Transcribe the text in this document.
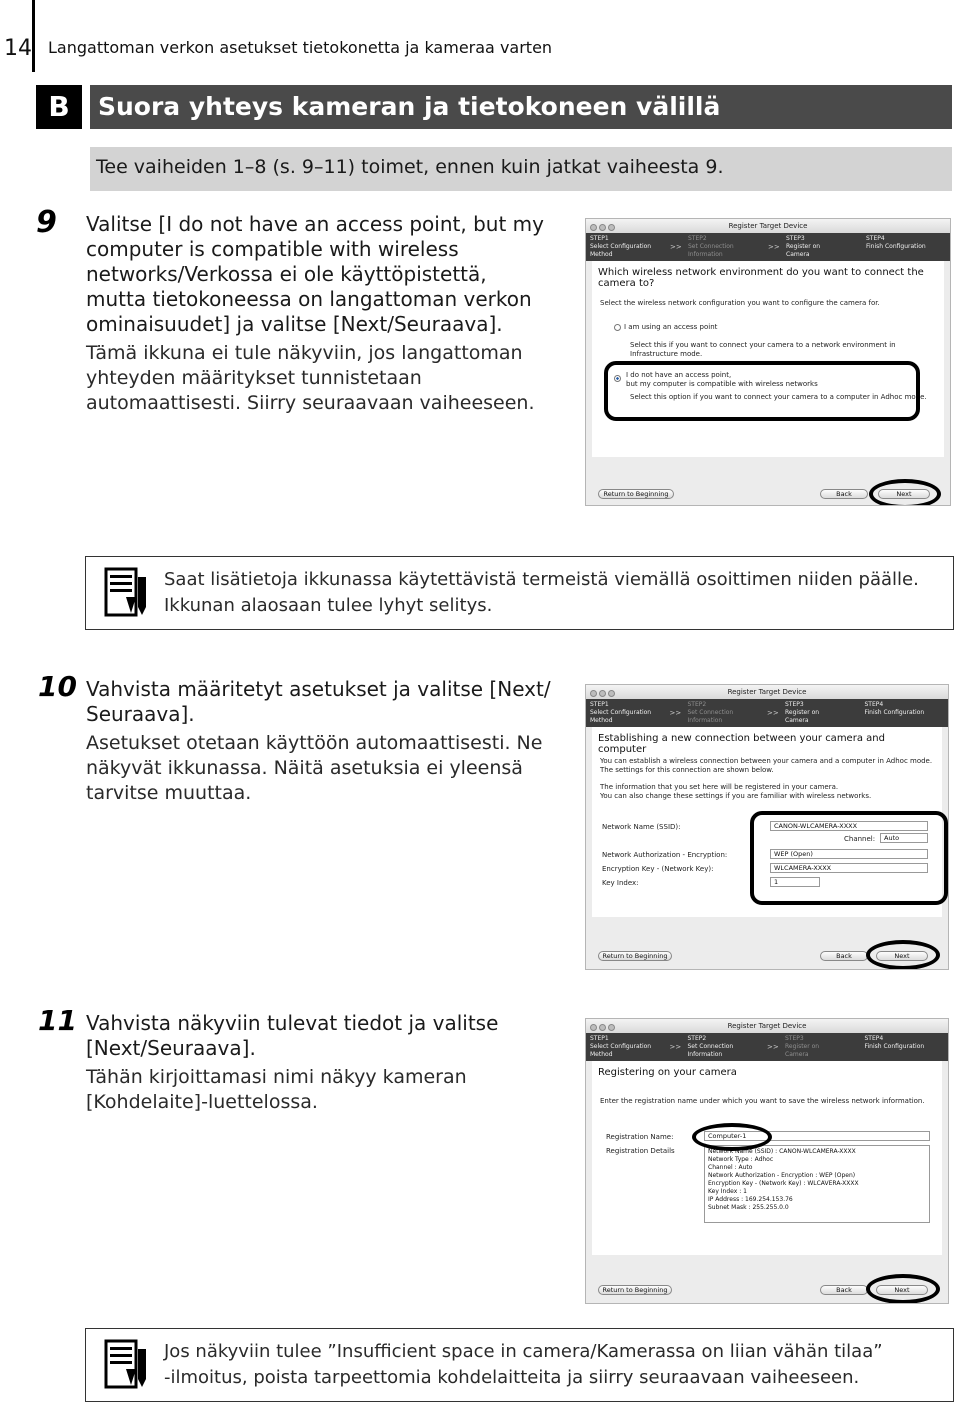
14 Langattoman verkon asetukset tietokonetta ja kameraa varten
B	Suora yhteys kameran ja tietokoneen välillä
Tee vaiheiden 1–8 (s. 9–11) toimet, ennen kuin jatkat vaiheesta 9.
9 Valitse [I do not have an access point, but my
computer is compatible with wireless
networks/Verkossa ei ole käyttöpistettä,
mutta tietokoneessa on langattoman verkon
ominaisuudet] ja valitse [Next/Seuraava].
Tämä ikkuna ei tule näkyviin, jos langattoman
yhteyden määritykset tunnistetaan
automaattisesti. Siirry seuraavaan vaiheeseen.
Register Target Device
STEP1
Select Configuration
Method
>>
STEP2
Set Connection
Information
>>
STEP3
Register on
Camera
STEP4
Finish Configuration
Which wireless network environment do you want to connect the camera to?
Select the wireless network configuration you want to configure the camera for.
I am using an access point
Select this if you want to connect your camera to a network environment in Infrastructure mode.
I do not have an access point,
but my computer is compatible with wireless networks
Select this option if you want to connect your camera to a computer in Adhoc mode.
Return to Beginning	Back	Next
Saat lisätietoja ikkunassa käytettävistä termeistä viemällä osoittimen niiden päälle.
Ikkunan alaosaan tulee lyhyt selitys.
10 Vahvista määritetyt asetukset ja valitse [Next/
Seuraava].
Asetukset otetaan käyttöön automaattisesti. Ne
näkyvät ikkunassa. Näitä asetuksia ei yleensä
tarvitse muuttaa.
Register Target Device
STEP1
Select Configuration
Method
>>
STEP2
Set Connection
Information
>>
STEP3
Register on
Camera
STEP4
Finish Configuration
Establishing a new connection between your camera and computer
You can establish a wireless connection between your camera and a computer in Adhoc mode.
The settings for this connection are shown below.
The information that you set here will be registered in your camera.
You can also change these settings if you are familiar with wireless networks.
Network Name (SSID):	CANON-WLCAMERA-XXXX
Channel:	Auto
Network Authorization - Encryption:	WEP (Open)
Encryption Key - (Network Key):	WLCAMERA-XXXX
Key Index:	1
Return to Beginning	Back	Next
11 Vahvista näkyviin tulevat tiedot ja valitse
[Next/Seuraava].
Tähän kirjoittamasi nimi näkyy kameran
[Kohdelaite]-luettelossa.
Register Target Device
STEP1
Select Configuration
Method
>>
STEP2
Set Connection
Information
>>
STEP3
Register on
Camera
STEP4
Finish Configuration
Registering on your camera
Enter the registration name under which you want to save the wireless network information.
Registration Name:	Computer-1
Registration Details	Network Name (SSID) : CANON-WLCAMERA-XXXX
Network Type : Adhoc
Channel : Auto
Network Authorization - Encryption : WEP (Open)
Encryption Key - (Network Key) : WLCAVERA-XXXX
Key Index : 1
IP Address : 169.254.153.76
Subnet Mask : 255.255.0.0
Return to Beginning	Back	Next
Jos näkyviin tulee ”Insufficient space in camera/Kamerassa on liian vähän tilaa”
-ilmoitus, poista tarpeettomia kohdelaitteita ja siirry seuraavaan vaiheeseen.
